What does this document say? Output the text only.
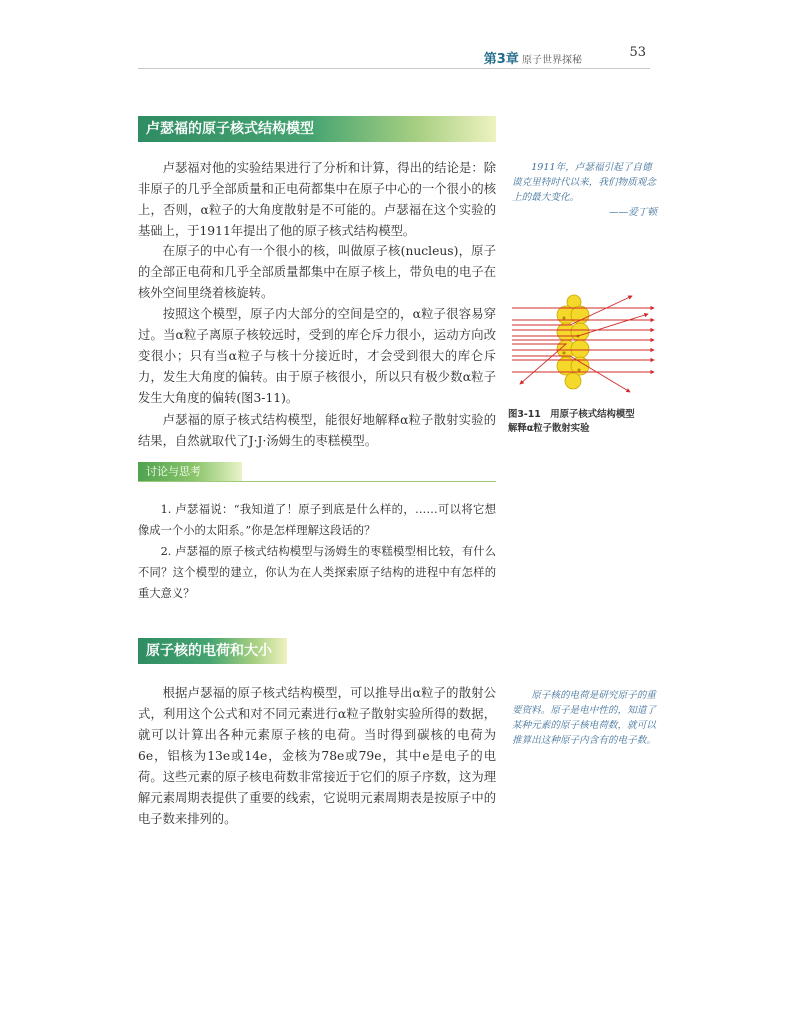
第3章 原子世界探秘
53
卢瑟福的原子核式结构模型

卢瑟福对他的实验结果进行了分析和计算，得出的结论是：除非原子的几乎全部质量和正电荷都集中在原子中心的一个很小的核上，否则，α粒子的大角度散射是不可能的。卢瑟福在这个实验的基础上，于1911年提出了他的原子核式结构模型。

在原子的中心有一个很小的核，叫做原子核(nucleus)，原子的全部正电荷和几乎全部质量都集中在原子核上，带负电的电子在核外空间里绕着核旋转。

按照这个模型，原子内大部分的空间是空的，α粒子很容易穿过。当α粒子离原子核较远时，受到的库仑斥力很小，运动方向改变很小；只有当α粒子与核十分接近时，才会受到很大的库仑斥力，发生大角度的偏转。由于原子核很小，所以只有极少数α粒子发生大角度的偏转(图3-11)。

卢瑟福的原子核式结构模型，能很好地解释α粒子散射实验的结果，自然就取代了J·J·汤姆生的枣糕模型。

1911年，卢瑟福引起了自德谟克里特时代以来，我们物质观念上的最大变化。
——爱丁顿

图3-11　用原子核式结构模型
解释α粒子散射实验
讨论与思考

1. 卢瑟福说：“我知道了！原子到底是什么样的，……可以将它想像成一个小的太阳系。”你是怎样理解这段话的？

2. 卢瑟福的原子核式结构模型与汤姆生的枣糕模型相比较，有什么不同？这个模型的建立，你认为在人类探索原子结构的进程中有怎样的重大意义？

原子核的电荷和大小

根据卢瑟福的原子核式结构模型，可以推导出α粒子的散射公式，利用这个公式和对不同元素进行α粒子散射实验所得的数据，就可以计算出各种元素原子核的电荷。当时得到碳核的电荷为6e，铝核为13e或14e，金核为78e或79e，其中e是电子的电荷。这些元素的原子核电荷数非常接近于它们的原子序数，这为理解元素周期表提供了重要的线索，它说明元素周期表是按原子中的电子数来排列的。

原子核的电荷是研究原子的重要资料。原子是电中性的，知道了某种元素的原子核电荷数，就可以推算出这种原子内含有的电子数。
